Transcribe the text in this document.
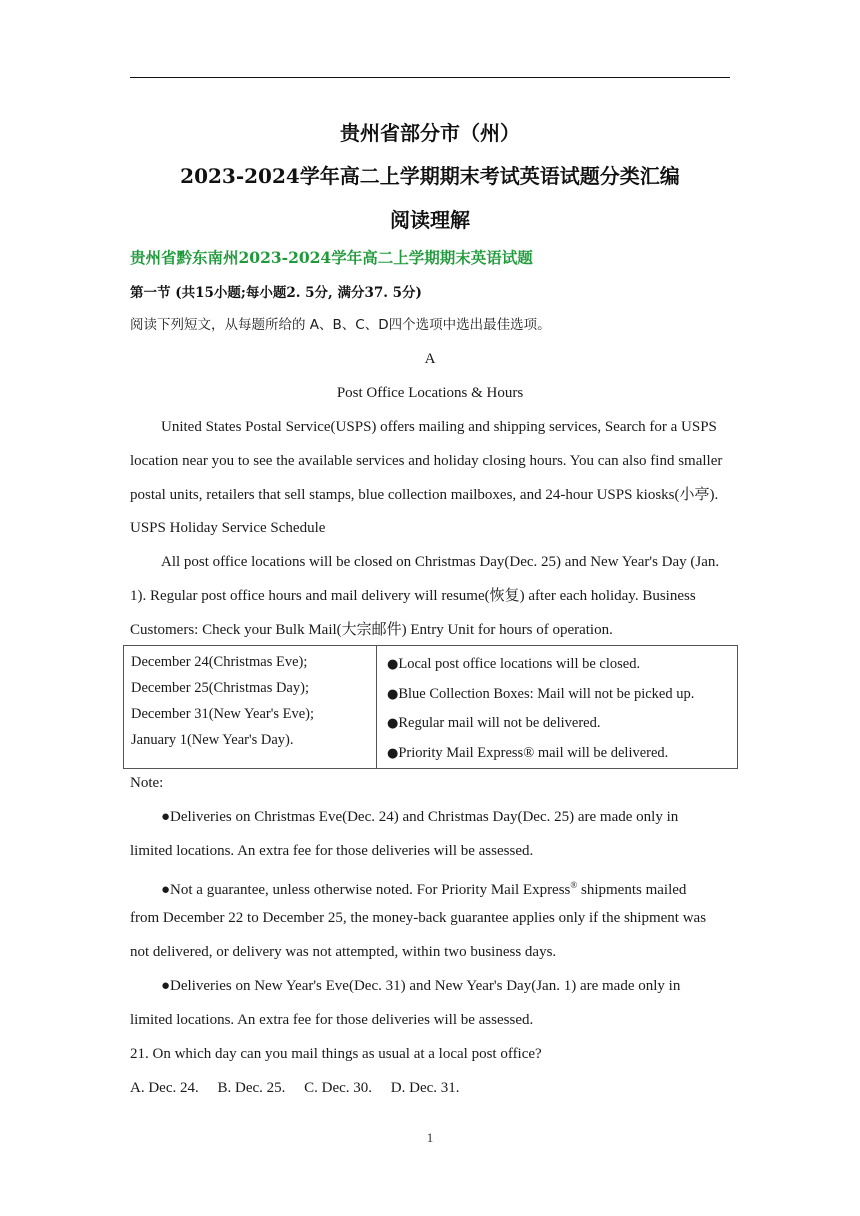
贵州省部分市（州）
2023-2024学年高二上学期期末考试英语试题分类汇编
阅读理解
贵州省黔东南州2023-2024学年高二上学期期末英语试题
第一节 (共15小题;每小题2. 5分, 满分37. 5分)
阅读下列短文，从每题所给的 A、B、C、D四个选项中选出最佳选项。
A
Post Office Locations & Hours
United States Postal Service(USPS) offers mailing and shipping services, Search for a USPS
location near you to see the available services and holiday closing hours. You can also find smaller
postal units, retailers that sell stamps, blue collection mailboxes, and 24-hour USPS kiosks(小亭).
USPS Holiday Service Schedule
All post office locations will be closed on Christmas Day(Dec. 25) and New Year's Day (Jan.
1). Regular post office hours and mail delivery will resume(恢复) after each holiday. Business
Customers: Check your Bulk Mail(大宗邮件) Entry Unit for hours of operation.
December 24(Christmas Eve);
December 25(Christmas Day);
December 31(New Year's Eve);
January 1(New Year's Day).

●Local post office locations will be closed.
●Blue Collection Boxes: Mail will not be picked up.
●Regular mail will not be delivered.
●Priority Mail Express® mail will be delivered.
Note:
●Deliveries on Christmas Eve(Dec. 24) and Christmas Day(Dec. 25) are made only in
limited locations. An extra fee for those deliveries will be assessed.
●Not a guarantee, unless otherwise noted. For Priority Mail Express® shipments mailed
from December 22 to December 25, the money-back guarantee applies only if the shipment was
not delivered, or delivery was not attempted, within two business days.
●Deliveries on New Year's Eve(Dec. 31) and New Year's Day(Jan. 1) are made only in
limited locations. An extra fee for those deliveries will be assessed.
21. On which day can you mail things as usual at a local post office?
A. Dec. 24.     B. Dec. 25.     C. Dec. 30.     D. Dec. 31.
1
